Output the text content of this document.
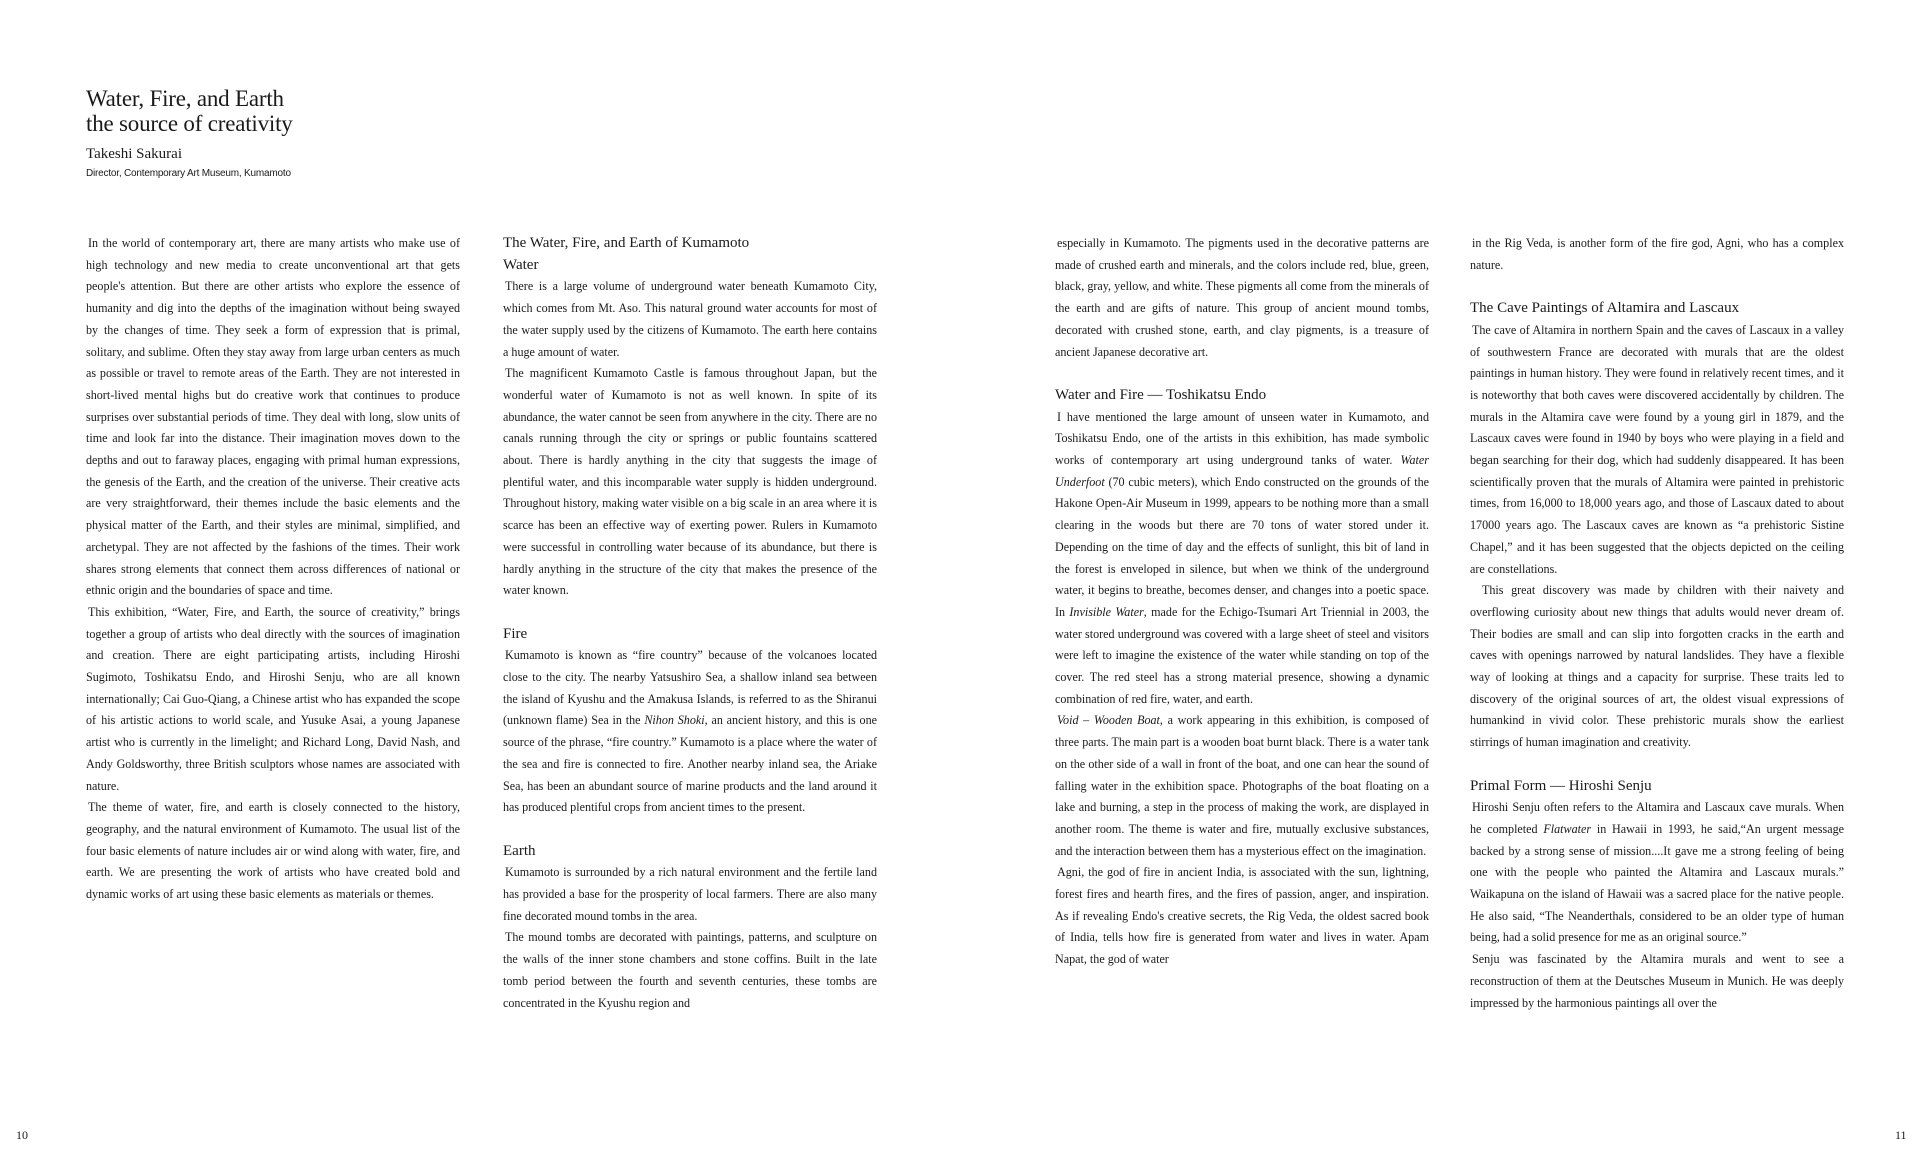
Water, Fire, and Earth
the source of creativity
Takeshi Sakurai
Director, Contemporary Art Museum, Kumamoto

In the world of contemporary art, there are many artists who make use of high technology and new media to create unconventional art that gets people's attention. But there are other artists who explore the essence of humanity and dig into the depths of the imagination without being swayed by the changes of time. They seek a form of expression that is primal, solitary, and sublime. Often they stay away from large urban centers as much as possible or travel to remote areas of the Earth. They are not interested in short-lived mental highs but do creative work that continues to produce surprises over substantial periods of time. They deal with long, slow units of time and look far into the distance. Their imagination moves down to the depths and out to faraway places, engaging with primal human expressions, the genesis of the Earth, and the creation of the universe. Their creative acts are very straightforward, their themes include the basic elements and the physical matter of the Earth, and their styles are minimal, simplified, and archetypal. They are not affected by the fashions of the times. Their work shares strong elements that connect them across differences of national or ethnic origin and the boundaries of space and time.

This exhibition, “Water, Fire, and Earth, the source of creativity,” brings together a group of artists who deal directly with the sources of imagination and creation. There are eight participating artists, including Hiroshi Sugimoto, Toshikatsu Endo, and Hiroshi Senju, who are all known internationally; Cai Guo-Qiang, a Chinese artist who has expanded the scope of his artistic actions to world scale, and Yusuke Asai, a young Japanese artist who is currently in the limelight; and Richard Long, David Nash, and Andy Goldsworthy, three British sculptors whose names are associated with nature.

The theme of water, fire, and earth is closely connected to the history, geography, and the natural environment of Kumamoto. The usual list of the four basic elements of nature includes air or wind along with water, fire, and earth. We are presenting the work of artists who have created bold and dynamic works of art using these basic elements as materials or themes.

The Water, Fire, and Earth of Kumamoto
Water

There is a large volume of underground water beneath Kumamoto City, which comes from Mt. Aso. This natural ground water accounts for most of the water supply used by the citizens of Kumamoto. The earth here contains a huge amount of water.

The magnificent Kumamoto Castle is famous throughout Japan, but the wonderful water of Kumamoto is not as well known. In spite of its abundance, the water cannot be seen from anywhere in the city. There are no canals running through the city or springs or public fountains scattered about. There is hardly anything in the city that suggests the image of plentiful water, and this incomparable water supply is hidden underground. Throughout history, making water visible on a big scale in an area where it is scarce has been an effective way of exerting power. Rulers in Kumamoto were successful in controlling water because of its abundance, but there is hardly anything in the structure of the city that makes the presence of the water known.

Fire

Kumamoto is known as “fire country” because of the volcanoes located close to the city. The nearby Yatsushiro Sea, a shallow inland sea between the island of Kyushu and the Amakusa Islands, is referred to as the Shiranui (unknown flame) Sea in the Nihon Shoki, an ancient history, and this is one source of the phrase, “fire country.” Kumamoto is a place where the water of the sea and fire is connected to fire. Another nearby inland sea, the Ariake Sea, has been an abundant source of marine products and the land around it has produced plentiful crops from ancient times to the present.

Earth

Kumamoto is surrounded by a rich natural environment and the fertile land has provided a base for the prosperity of local farmers. There are also many fine decorated mound tombs in the area.

The mound tombs are decorated with paintings, patterns, and sculpture on the walls of the inner stone chambers and stone coffins. Built in the late tomb period between the fourth and seventh centuries, these tombs are concentrated in the Kyushu region and

especially in Kumamoto. The pigments used in the decorative patterns are made of crushed earth and minerals, and the colors include red, blue, green, black, gray, yellow, and white. These pigments all come from the minerals of the earth and are gifts of nature. This group of ancient mound tombs, decorated with crushed stone, earth, and clay pigments, is a treasure of ancient Japanese decorative art.

Water and Fire — Toshikatsu Endo

I have mentioned the large amount of unseen water in Kumamoto, and Toshikatsu Endo, one of the artists in this exhibition, has made symbolic works of contemporary art using underground tanks of water. Water Underfoot (70 cubic meters), which Endo constructed on the grounds of the Hakone Open-Air Museum in 1999, appears to be nothing more than a small clearing in the woods but there are 70 tons of water stored under it. Depending on the time of day and the effects of sunlight, this bit of land in the forest is enveloped in silence, but when we think of the underground water, it begins to breathe, becomes denser, and changes into a poetic space. In Invisible Water, made for the Echigo-Tsumari Art Triennial in 2003, the water stored underground was covered with a large sheet of steel and visitors were left to imagine the existence of the water while standing on top of the cover. The red steel has a strong material presence, showing a dynamic combination of red fire, water, and earth.

Void – Wooden Boat, a work appearing in this exhibition, is composed of three parts. The main part is a wooden boat burnt black. There is a water tank on the other side of a wall in front of the boat, and one can hear the sound of falling water in the exhibition space. Photographs of the boat floating on a lake and burning, a step in the process of making the work, are displayed in another room. The theme is water and fire, mutually exclusive substances, and the interaction between them has a mysterious effect on the imagination.

Agni, the god of fire in ancient India, is associated with the sun, lightning, forest fires and hearth fires, and the fires of passion, anger, and inspiration. As if revealing Endo's creative secrets, the Rig Veda, the oldest sacred book of India, tells how fire is generated from water and lives in water. Apam Napat, the god of water

in the Rig Veda, is another form of the fire god, Agni, who has a complex nature.

The Cave Paintings of Altamira and Lascaux

The cave of Altamira in northern Spain and the caves of Lascaux in a valley of southwestern France are decorated with murals that are the oldest paintings in human history. They were found in relatively recent times, and it is noteworthy that both caves were discovered accidentally by children. The murals in the Altamira cave were found by a young girl in 1879, and the Lascaux caves were found in 1940 by boys who were playing in a field and began searching for their dog, which had suddenly disappeared. It has been scientifically proven that the murals of Altamira were painted in prehistoric times, from 16,000 to 18,000 years ago, and those of Lascaux dated to about 17000 years ago. The Lascaux caves are known as “a prehistoric Sistine Chapel,” and it has been suggested that the objects depicted on the ceiling are constellations.

This great discovery was made by children with their naivety and overflowing curiosity about new things that adults would never dream of. Their bodies are small and can slip into forgotten cracks in the earth and caves with openings narrowed by natural landslides. They have a flexible way of looking at things and a capacity for surprise. These traits led to discovery of the original sources of art, the oldest visual expressions of humankind in vivid color. These prehistoric murals show the earliest stirrings of human imagination and creativity.

Primal Form — Hiroshi Senju

Hiroshi Senju often refers to the Altamira and Lascaux cave murals. When he completed Flatwater in Hawaii in 1993, he said,“An urgent message backed by a strong sense of mission....It gave me a strong feeling of being one with the people who painted the Altamira and Lascaux murals.” Waikapuna on the island of Hawaii was a sacred place for the native people. He also said, “The Neanderthals, considered to be an older type of human being, had a solid presence for me as an original source.”

Senju was fascinated by the Altamira murals and went to see a reconstruction of them at the Deutsches Museum in Munich. He was deeply impressed by the harmonious paintings all over the

10	11
